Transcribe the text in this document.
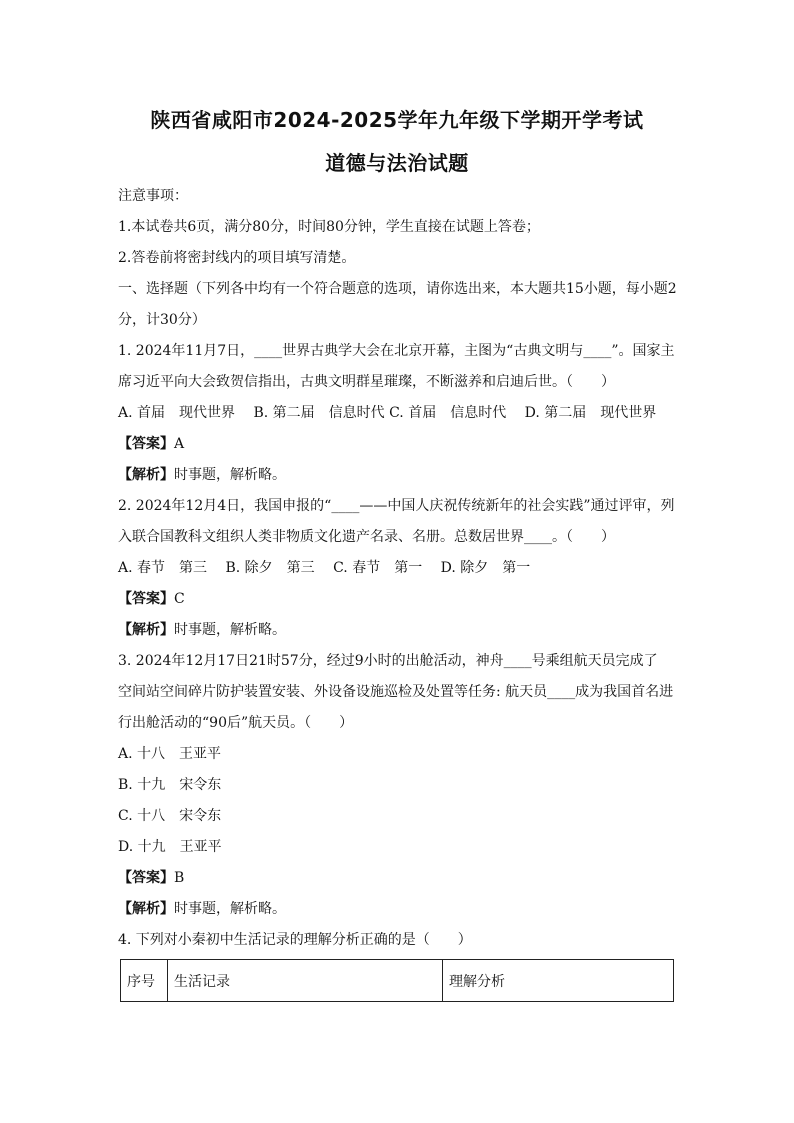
陕西省咸阳市2024-2025学年九年级下学期开学考试
道德与法治试题
注意事项：
1.本试卷共6页，满分80分，时间80分钟，学生直接在试题上答卷；
2.答卷前将密封线内的项目填写清楚。
一、选择题（下列各中均有一个符合题意的选项，请你选出来，本大题共15小题，每小题2
分，计30分）
1. 2024年11月7日，____世界古典学大会在北京开幕，主图为“古典文明与____”。国家主
席习近平向大会致贺信指出，古典文明群星璀璨，不断滋养和启迪后世。（　　）
A. 首届　现代世界　 B. 第二届　信息时代 C. 首届　信息时代　 D. 第二届　现代世界
【答案】A
【解析】时事题，解析略。
2. 2024年12月4日，我国申报的“____——中国人庆祝传统新年的社会实践”通过评审，列
入联合国教科文组织人类非物质文化遗产名录、名册。总数居世界____。（　　）
A. 春节　第三　 B. 除夕　第三　 C. 春节　第一　 D. 除夕　第一
【答案】C
【解析】时事题，解析略。
3. 2024年12月17日21时57分，经过9小时的出舱活动，神舟____号乘组航天员完成了
空间站空间碎片防护装置安装、外设备设施巡检及处置等任务: 航天员____成为我国首名进
行出舱活动的“90后”航天员。（　　）
A. 十八　王亚平
B. 十九　宋令东
C. 十八　宋令东
D. 十九　王亚平
【答案】B
【解析】时事题，解析略。
4. 下列对小秦初中生活记录的理解分析正确的是（　　）
序号	生活记录	理解分析
